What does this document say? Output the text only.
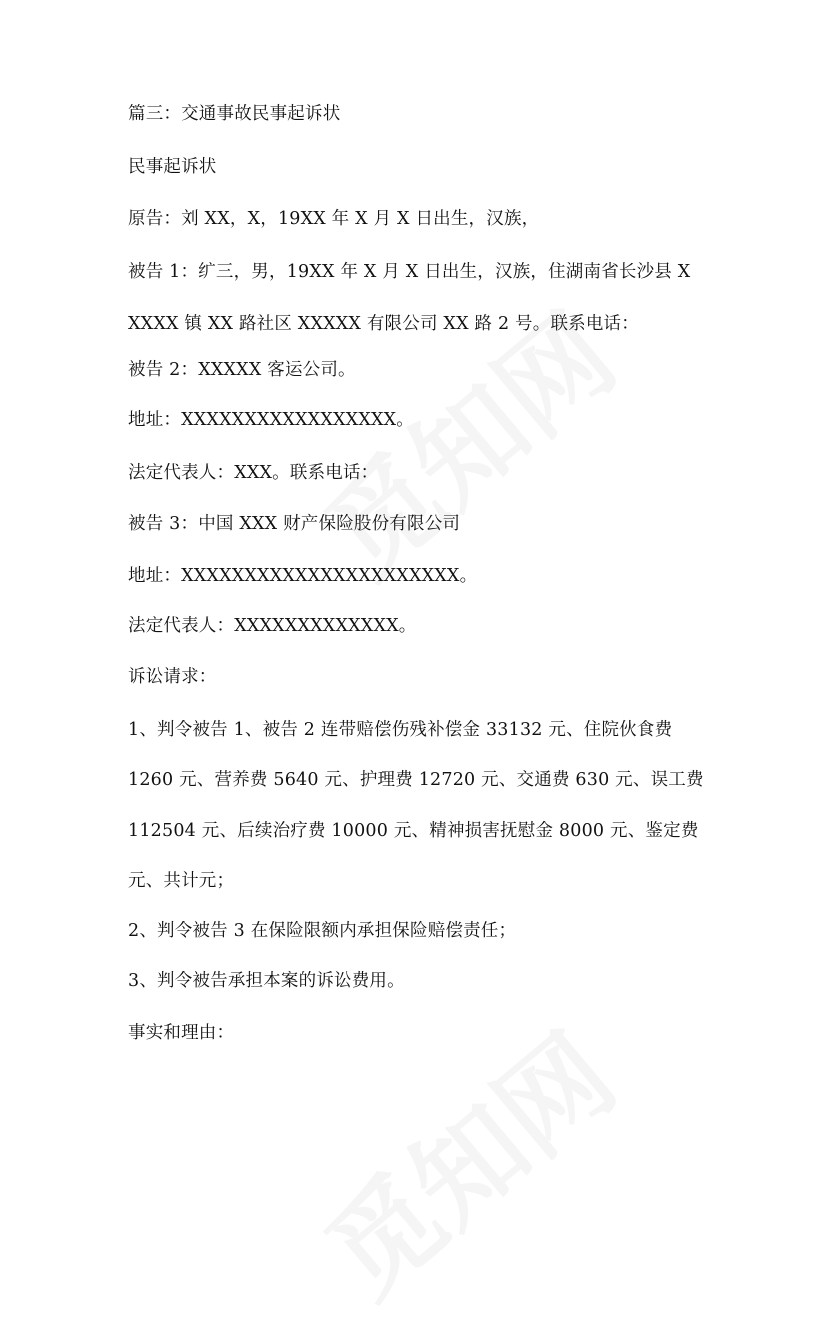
篇三：交通事故民事起诉状
民事起诉状
原告：刘 XX，X，19XX 年 X 月 X 日出生，汉族，
被告 1：纩三，男，19XX 年 X 月 X 日出生，汉族，住湖南省长沙县 X
XXXX 镇 XX 路社区 XXXXX 有限公司 XX 路 2 号。联系电话：
被告 2：XXXXX 客运公司。
地址：XXXXXXXXXXXXXXXXX。
法定代表人：XXX。联系电话：
被告 3：中国 XXX 财产保险股份有限公司
地址：XXXXXXXXXXXXXXXXXXXXXX。
法定代表人：XXXXXXXXXXXXX。
诉讼请求：
1、判令被告 1、被告 2 连带赔偿伤残补偿金 33132 元、住院伙食费
1260 元、营养费 5640 元、护理费 12720 元、交通费 630 元、误工费
112504 元、后续治疗费 10000 元、精神损害抚慰金 8000 元、鉴定费
元、共计元；
2、判令被告 3 在保险限额内承担保险赔偿责任；
3、判令被告承担本案的诉讼费用。
事实和理由：
